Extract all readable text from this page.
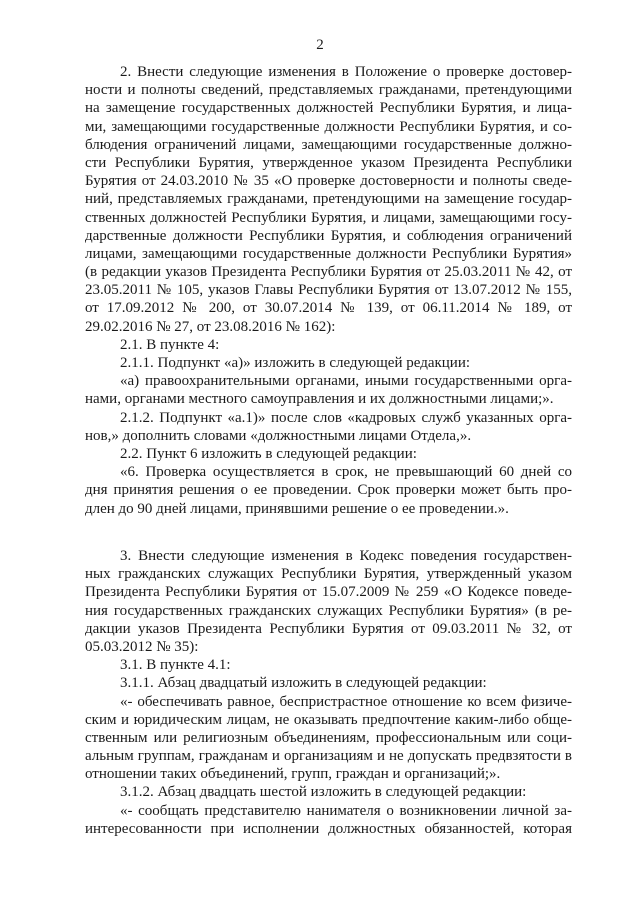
2
2. Внести следующие изменения в Положение о проверке достовер-
ности и полноты сведений, представляемых гражданами, претендующими
на замещение государственных должностей Республики Бурятия, и лица-
ми, замещающими государственные должности Республики Бурятия, и со-
блюдения ограничений лицами, замещающими государственные должно-
сти Республики Бурятия, утвержденное указом Президента Республики
Бурятия от 24.03.2010 № 35 «О проверке достоверности и полноты сведе-
ний, представляемых гражданами, претендующими на замещение государ-
ственных должностей Республики Бурятия, и лицами, замещающими госу-
дарственные должности Республики Бурятия, и соблюдения ограничений
лицами, замещающими государственные должности Республики Бурятия»
(в редакции указов Президента Республики Бурятия от 25.03.2011 № 42, от
23.05.2011 № 105, указов Главы Республики Бурятия от 13.07.2012 № 155,
от 17.09.2012 № 200, от 30.07.2014 № 139, от 06.11.2014 № 189, от
29.02.2016 № 27, от 23.08.2016 № 162):
2.1. В пункте 4:
2.1.1. Подпункт «а)» изложить в следующей редакции:
«а) правоохранительными органами, иными государственными орга-
нами, органами местного самоуправления и их должностными лицами;».
2.1.2. Подпункт «а.1)» после слов «кадровых служб указанных орга-
нов,» дополнить словами «должностными лицами Отдела,».
2.2. Пункт 6 изложить в следующей редакции:
«6. Проверка осуществляется в срок, не превышающий 60 дней со
дня принятия решения о ее проведении. Срок проверки может быть про-
длен до 90 дней лицами, принявшими решение о ее проведении.».
3. Внести следующие изменения в Кодекс поведения государствен-
ных гражданских служащих Республики Бурятия, утвержденный указом
Президента Республики Бурятия от 15.07.2009 № 259 «О Кодексе поведе-
ния государственных гражданских служащих Республики Бурятия» (в ре-
дакции указов Президента Республики Бурятия от 09.03.2011 № 32, от
05.03.2012 № 35):
3.1. В пункте 4.1:
3.1.1. Абзац двадцатый изложить в следующей редакции:
«- обеспечивать равное, беспристрастное отношение ко всем физиче-
ским и юридическим лицам, не оказывать предпочтение каким-либо обще-
ственным или религиозным объединениям, профессиональным или соци-
альным группам, гражданам и организациям и не допускать предвзятости в
отношении таких объединений, групп, граждан и организаций;».
3.1.2. Абзац двадцать шестой изложить в следующей редакции:
«- сообщать представителю нанимателя о возникновении личной за-
интересованности при исполнении должностных обязанностей, которая
